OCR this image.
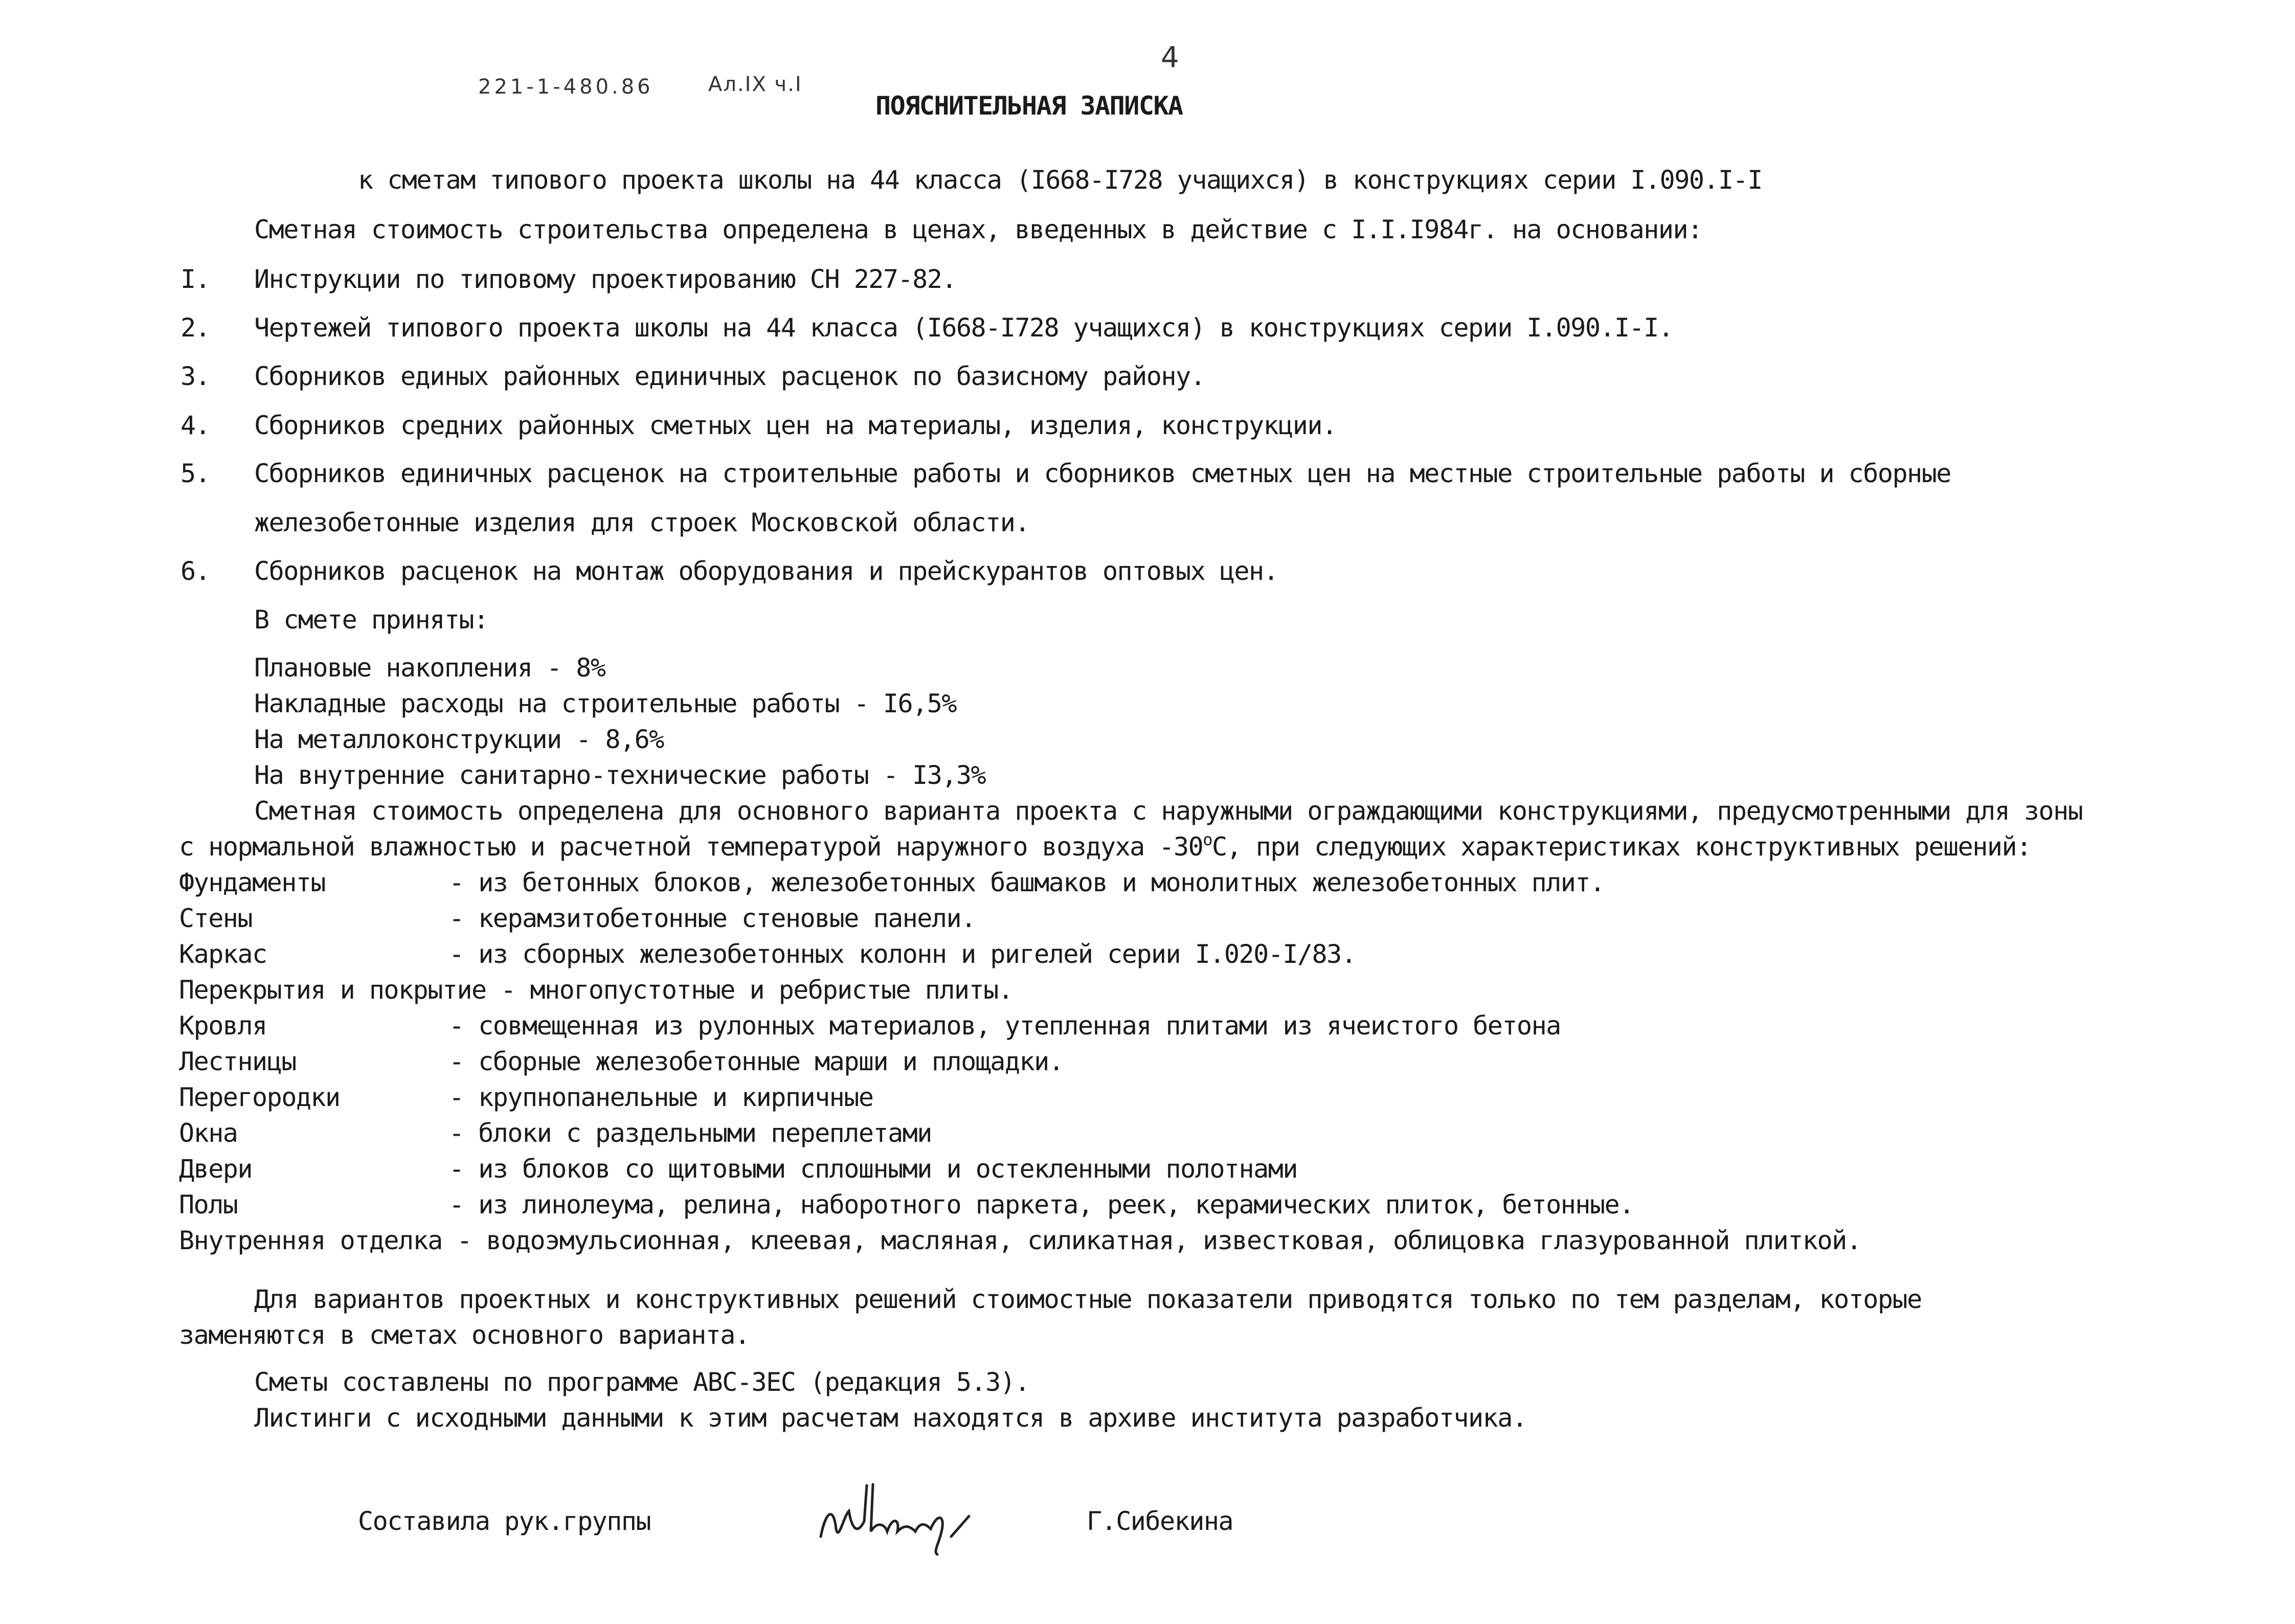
221-1-480.86	Ал.IX ч.I
4
ПОЯСНИТЕЛЬНАЯ ЗАПИСКА
к сметам типового проекта школы на 44 класса (I668-I728 учащихся) в конструкциях серии I.090.I-I
Сметная стоимость строительства определена в ценах, введенных в действие с I.I.I984г. на основании:
I. Инструкции по типовому проектированию СН 227-82.
2. Чертежей типового проекта школы на 44 класса (I668-I728 учащихся) в конструкциях серии I.090.I-I.
3. Сборников единых районных единичных расценок по базисному району.
4. Сборников средних районных сметных цен на материалы, изделия, конструкции.
5. Сборников единичных расценок на строительные работы и сборников сметных цен на местные строительные работы и сборные
железобетонные изделия для строек Московской области.
6. Сборников расценок на монтаж оборудования и прейскурантов оптовых цен.
В смете приняты:
Плановые накопления - 8%
Накладные расходы на строительные работы - I6,5%
На металлоконструкции - 8,6%
На внутренние санитарно-технические работы - I3,3%
Сметная стоимость определена для основного варианта проекта с наружными ограждающими конструкциями, предусмотренными для зоны
с нормальной влажностью и расчетной температурой наружного воздуха $-30^оС$, при следующих характеристиках конструктивных решений:
Фундаменты	- из бетонных блоков, железобетонных башмаков и монолитных железобетонных плит.
Стены	- керамзитобетонные стеновые панели.
Каркас	- из сборных железобетонных колонн и ригелей серии I.020-I/83.
Перекрытия и покрытие - многопустотные и ребристые плиты.
Кровля	- совмещенная из рулонных материалов, утепленная плитами из ячеистого бетона
Лестницы	- сборные железобетонные марши и площадки.
Перегородки	- крупнопанельные и кирпичные
Окна	- блоки с раздельными переплетами
Двери	- из блоков со щитовыми сплошными и остекленными полотнами
Полы	- из линолеума, релина, наборотного паркета, реек, керамических плиток, бетонные.
Внутренняя отделка - водоэмульсионная, клеевая, масляная, силикатная, известковая, облицовка глазурованной плиткой.
Для вариантов проектных и конструктивных решений стоимостные показатели приводятся только по тем разделам, которые
заменяются в сметах основного варианта.
Сметы составлены по программе АВС-ЗЕС (редакция 5.3).
Листинги с исходными данными к этим расчетам находятся в архиве института разработчика.
Составила рук.группы	Г.Сибекина
